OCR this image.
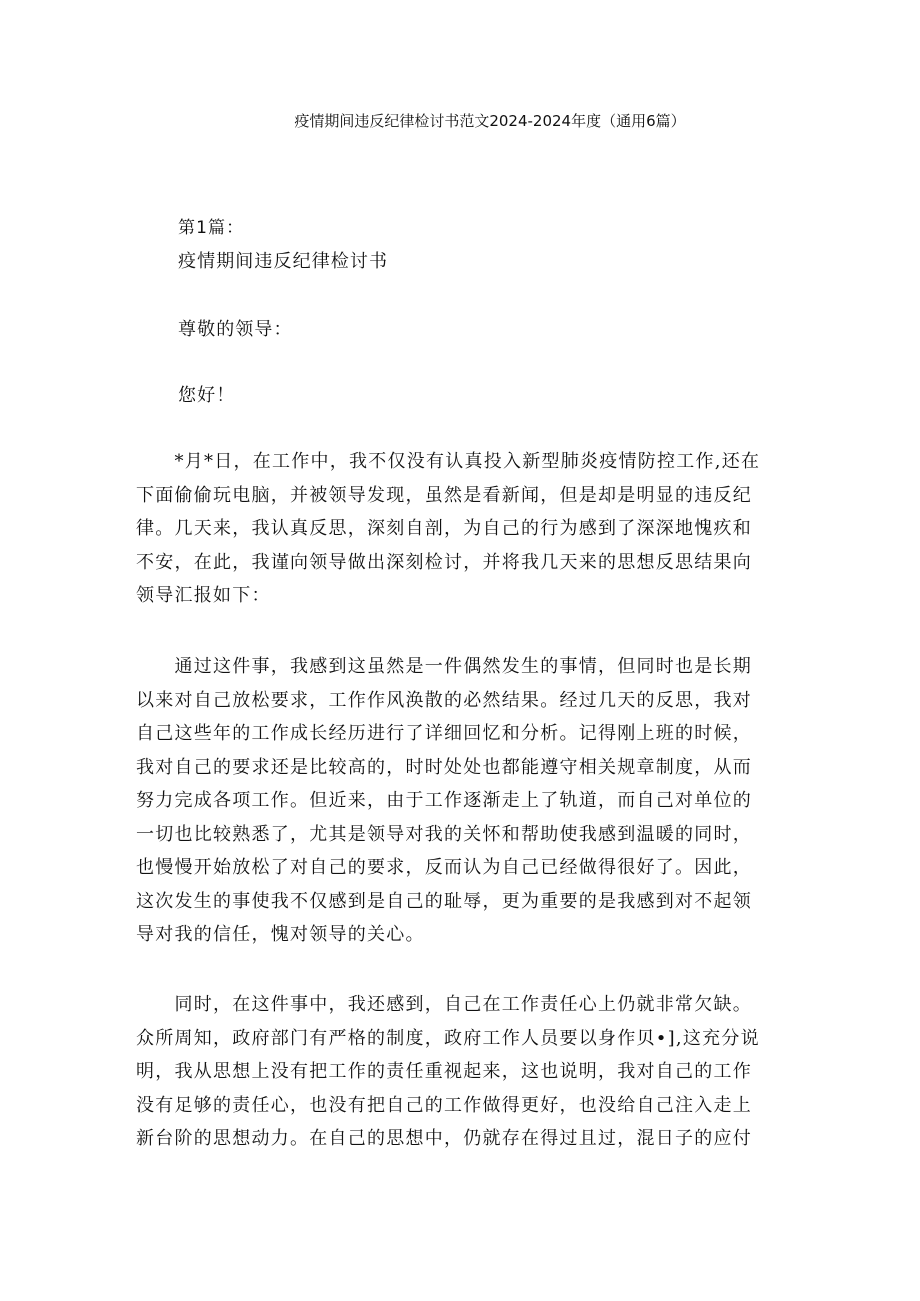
疫情期间违反纪律检讨书范文2024-2024年度（通用6篇）

第1篇：

疫情期间违反纪律检讨书

尊敬的领导：

您好！

　　*月*日，在工作中，我不仅没有认真投入新型肺炎疫情防控工作,还在
下面偷偷玩电脑，并被领导发现，虽然是看新闻，但是却是明显的违反纪
律。几天来，我认真反思，深刻自剖，为自己的行为感到了深深地愧疚和
不安，在此，我谨向领导做出深刻检讨，并将我几天来的思想反思结果向
领导汇报如下：
　　通过这件事，我感到这虽然是一件偶然发生的事情，但同时也是长期
以来对自己放松要求，工作作风涣散的必然结果。经过几天的反思，我对
自己这些年的工作成长经历进行了详细回忆和分析。记得刚上班的时候，
我对自己的要求还是比较高的，时时处处也都能遵守相关规章制度，从而
努力完成各项工作。但近来，由于工作逐渐走上了轨道，而自己对单位的
一切也比较熟悉了，尤其是领导对我的关怀和帮助使我感到温暖的同时，
也慢慢开始放松了对自己的要求，反而认为自己已经做得很好了。因此，
这次发生的事使我不仅感到是自己的耻辱，更为重要的是我感到对不起领
导对我的信任，愧对领导的关心。
　　同时，在这件事中，我还感到，自己在工作责任心上仍就非常欠缺。
众所周知，政府部门有严格的制度，政府工作人员要以身作贝•],这充分说
明，我从思想上没有把工作的责任重视起来，这也说明，我对自己的工作
没有足够的责任心，也没有把自己的工作做得更好，也没给自己注入走上
新台阶的思想动力。在自己的思想中，仍就存在得过且过，混日子的应付
